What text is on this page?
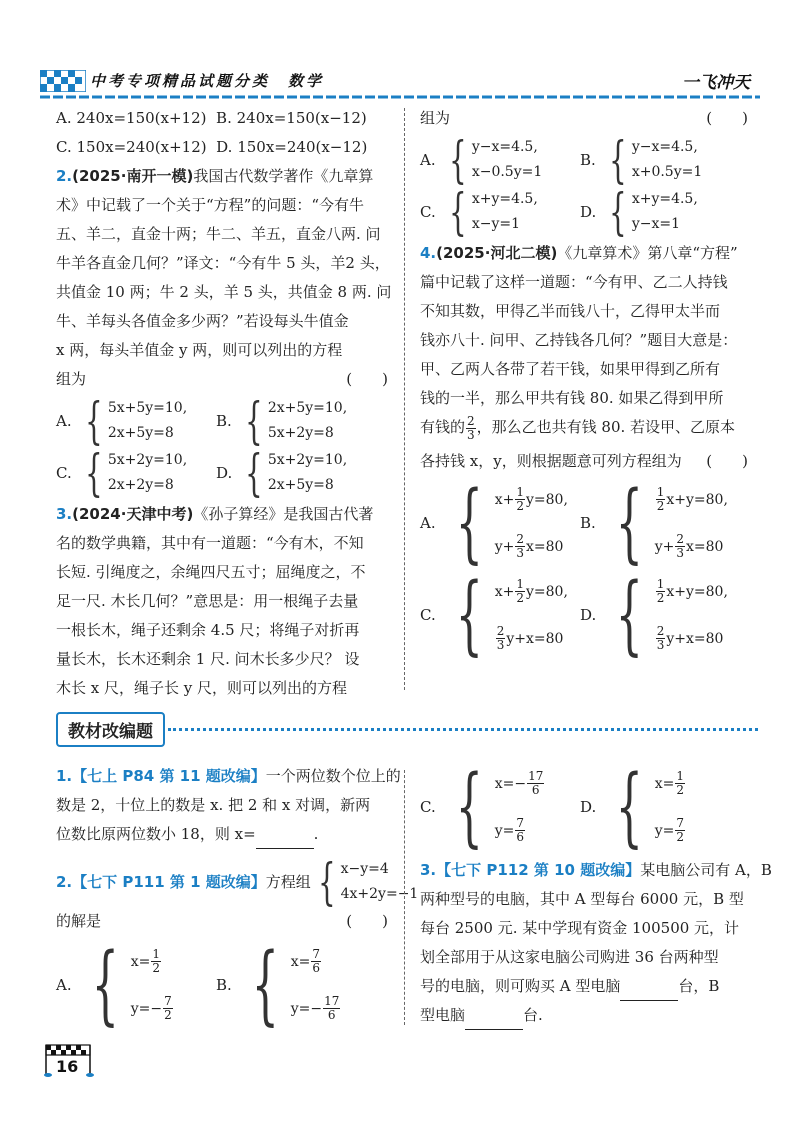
中考专项精品试题分类　数学	一飞冲天
A. 240x=150(x+12) B. 240x=150(x−12)
C. 150x=240(x+12) D. 150x=240(x−12)
2.(2025·南开一模)我国古代数学著作《九章算
术》中记载了一个关于“方程”的问题：“今有牛
五、羊二，直金十两；牛二、羊五，直金八两. 问
牛羊各直金几何？”译文：“今有牛 5 头，羊2 头，
共值金 10 两；牛 2 头，羊 5 头，共值金 8 两. 问
牛、羊每头各值金多少两？”若设每头牛值金
x 两，每头羊值金 y 两，则可以列出的方程
组为	(　　)
A. { 5x+5y=10,
2x+5y=8
B. { 2x+5y=10,
5x+2y=8
C. { 5x+2y=10,
2x+2y=8
D. { 5x+2y=10,
2x+5y=8
3.(2024·天津中考)《孙子算经》是我国古代著
名的数学典籍，其中有一道题：“今有木，不知
长短. 引绳度之，余绳四尺五寸；屈绳度之，不
足一尺. 木长几何？”意思是：用一根绳子去量
一根长木，绳子还剩余 4.5 尺；将绳子对折再
量长木，长木还剩余 1 尺. 问木长多少尺？ 设
木长 x 尺，绳子长 y 尺，则可以列出的方程
组为	(　　)
A. { y−x=4.5,
x−0.5y=1
B. { y−x=4.5,
x+0.5y=1
C. { x+y=4.5,
x−y=1
D. { x+y=4.5,
y−x=1
4.(2025·河北二模)《九章算术》第八章“方程”
篇中记载了这样一道题：“今有甲、乙二人持钱
不知其数，甲得乙半而钱八十，乙得甲太半而
钱亦八十. 问甲、乙持钱各几何？”题目大意是：
甲、乙两人各带了若干钱，如果甲得到乙所有
钱的一半，那么甲共有钱 80. 如果乙得到甲所
有钱的 $\frac{2}{3}$ ，那么乙也共有钱 80. 若设甲、乙原本
各持钱 x，y，则根据题意可列方程组为 (　　)
A. { $x+ \frac{1}{2} y=80$,
$y+ \frac{2}{3} x=80$
B. { $\frac{1}{2} x+y=80$,
$y+ \frac{2}{3} x=80$
C. { $x+ \frac{1}{2} y=80$,
$\frac{2}{3} y+x=80$
D. { $\frac{1}{2} x+y=80$,
$\frac{2}{3} y+x=80$
教材改编题
1.【七上 P84 第 11 题改编】一个两位数个位上的
数是 2，十位上的数是 x. 把 2 和 x 对调，新两
位数比原两位数小 18，则 x=	.
2. 【七下 P111 第 1 题改编】 方程组 { x−y=4
4x+2y=−1
的解是	(　　)
A. { $x= \frac{1}{2}$
$y=- \frac{7}{2}$
B. { $x= \frac{7}{6}$
$y=- \frac{17}{6}$
C. { $x=- \frac{17}{6}$
$y= \frac{7}{6}$
D. { $x= \frac{1}{2}$
$y= \frac{7}{2}$
3.【七下 P112 第 10 题改编】某电脑公司有 A，B
两种型号的电脑，其中 A 型每台 6000 元，B 型
每台 2500 元. 某中学现有资金 100500 元，计
划全部用于从这家电脑公司购进 36 台两种型
号的电脑，则可购买 A 型电脑	台，B
型电脑	台.
16
